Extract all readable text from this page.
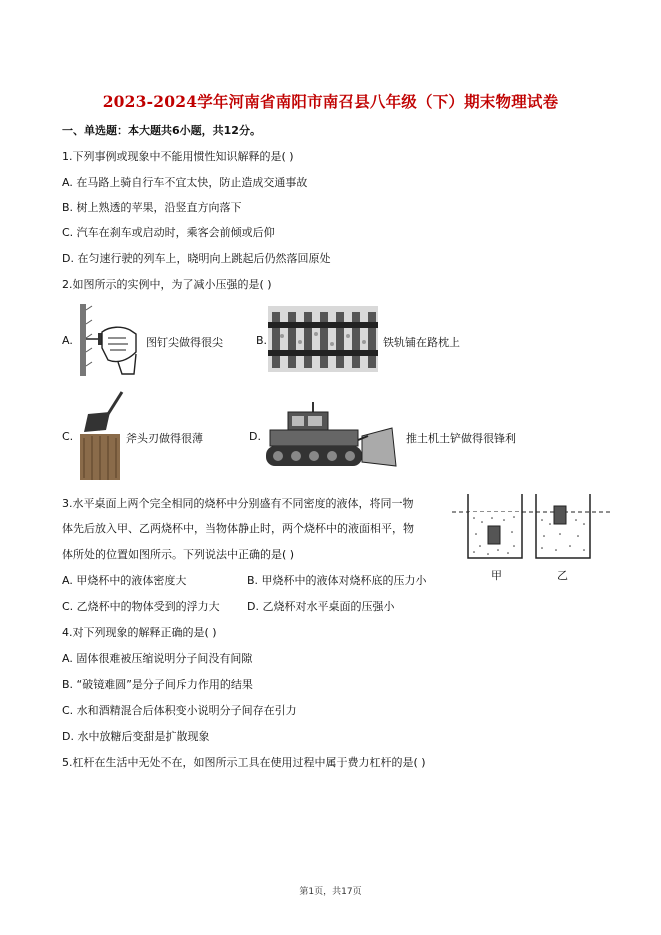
2023-2024学年河南省南阳市南召县八年级（下）期末物理试卷
一、单选题：本大题共6小题，共12分。
1.下列事例或现象中不能用惯性知识解释的是( )
A. 在马路上骑自行车不宜太快，防止造成交通事故
B. 树上熟透的苹果，沿竖直方向落下
C. 汽车在刹车或启动时，乘客会前倾或后仰
D. 在匀速行驶的列车上，晓明向上跳起后仍然落回原处
2.如图所示的实例中，为了减小压强的是( )
A.	图钉尖做得很尖	B.	铁轨铺在路枕上
C.	斧头刃做得很薄	D.	推土机土铲做得很锋利
3.水平桌面上两个完全相同的烧杯中分别盛有不同密度的液体，将同一物
体先后放入甲、乙两烧杯中，当物体静止时，两个烧杯中的液面相平，物
体所处的位置如图所示。下列说法中正确的是( )
甲	乙
A. 甲烧杯中的液体密度大	B. 甲烧杯中的液体对烧杯底的压力小
C. 乙烧杯中的物体受到的浮力大 D. 乙烧杯对水平桌面的压强小
4.对下列现象的解释正确的是( )
A. 固体很难被压缩说明分子间没有间隙
B. “破镜难圆”是分子间斥力作用的结果
C. 水和酒精混合后体积变小说明分子间存在引力
D. 水中放糖后变甜是扩散现象
5.杠杆在生活中无处不在，如图所示工具在使用过程中属于费力杠杆的是( )
第1页，共17页
